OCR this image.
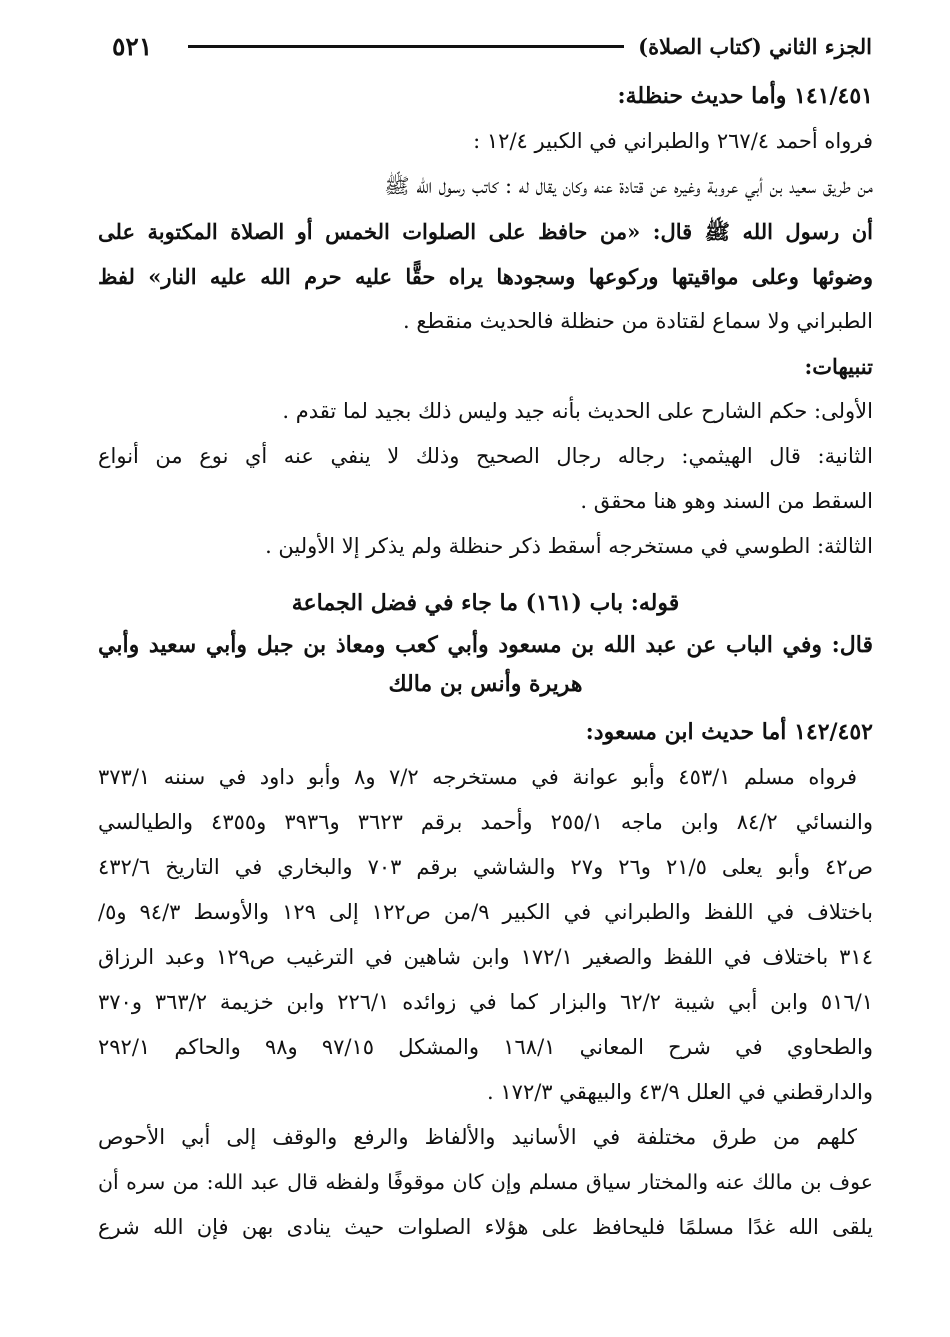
٥٢١	الجزء الثاني (كتاب الصلاة)
١٤١/٤٥١ وأما حديث حنظلة:
فرواه أحمد ٢٦٧/٤ والطبراني في الكبير ١٢/٤ :
من طريق سعيد بن أبي عروبة وغيره عن قتادة عنه وكان يقال له : كاتب رسول الله ﷺ
أن رسول الله ﷺ قال: «من حافظ على الصلوات الخمس أو الصلاة المكتوبة على
وضوئها وعلى مواقيتها وركوعها وسجودها يراه حقًّا عليه حرم الله عليه النار» لفظ
الطبراني ولا سماع لقتادة من حنظلة فالحديث منقطع .
تنبيهات:
الأولى: حكم الشارح على الحديث بأنه جيد وليس ذلك بجيد لما تقدم .
الثانية: قال الهيثمي: رجاله رجال الصحيح وذلك لا ينفي عنه أي نوع من أنواع
السقط من السند وهو هنا محقق .
الثالثة: الطوسي في مستخرجه أسقط ذكر حنظلة ولم يذكر إلا الأولين .
قوله: باب (١٦١) ما جاء في فضل الجماعة
قال: وفي الباب عن عبد الله بن مسعود وأبي كعب ومعاذ بن جبل وأبي سعيد وأبي
هريرة وأنس بن مالك
١٤٢/٤٥٢ أما حديث ابن مسعود:
فرواه مسلم ٤٥٣/١ وأبو عوانة في مستخرجه ٧/٢ و٨ وأبو داود في سننه ٣٧٣/١
والنسائي ٨٤/٢ وابن ماجه ٢٥٥/١ وأحمد برقم ٣٦٢٣ و٣٩٣٦ و٤٣٥٥ والطيالسي
ص٤٢ وأبو يعلى ٢١/٥ و٢٦ و٢٧ والشاشي برقم ٧٠٣ والبخاري في التاريخ ٤٣٢/٦
باختلاف في اللفظ والطبراني في الكبير ٩/من ص١٢٢ إلى ١٢٩ والأوسط ٩٤/٣ و٥/
٣١٤ باختلاف في اللفظ والصغير ١٧٢/١ وابن شاهين في الترغيب ص١٢٩ وعبد الرزاق
٥١٦/١ وابن أبي شيبة ٦٢/٢ والبزار كما في زوائده ٢٢٦/١ وابن خزيمة ٣٦٣/٢ و٣٧٠
والطحاوي في شرح المعاني ١٦٨/١ والمشكل ٩٧/١٥ و٩٨ والحاكم ٢٩٢/١
والدارقطني في العلل ٤٣/٩ والبيهقي ١٧٢/٣ .
كلهم من طرق مختلفة في الأسانيد والألفاظ والرفع والوقف إلى أبي الأحوص
عوف بن مالك عنه والمختار سياق مسلم وإن كان موقوفًا ولفظه قال عبد الله: من سره أن
يلقى الله غدًا مسلمًا فليحافظ على هؤلاء الصلوات حيث ينادى بهن فإن الله شرع
